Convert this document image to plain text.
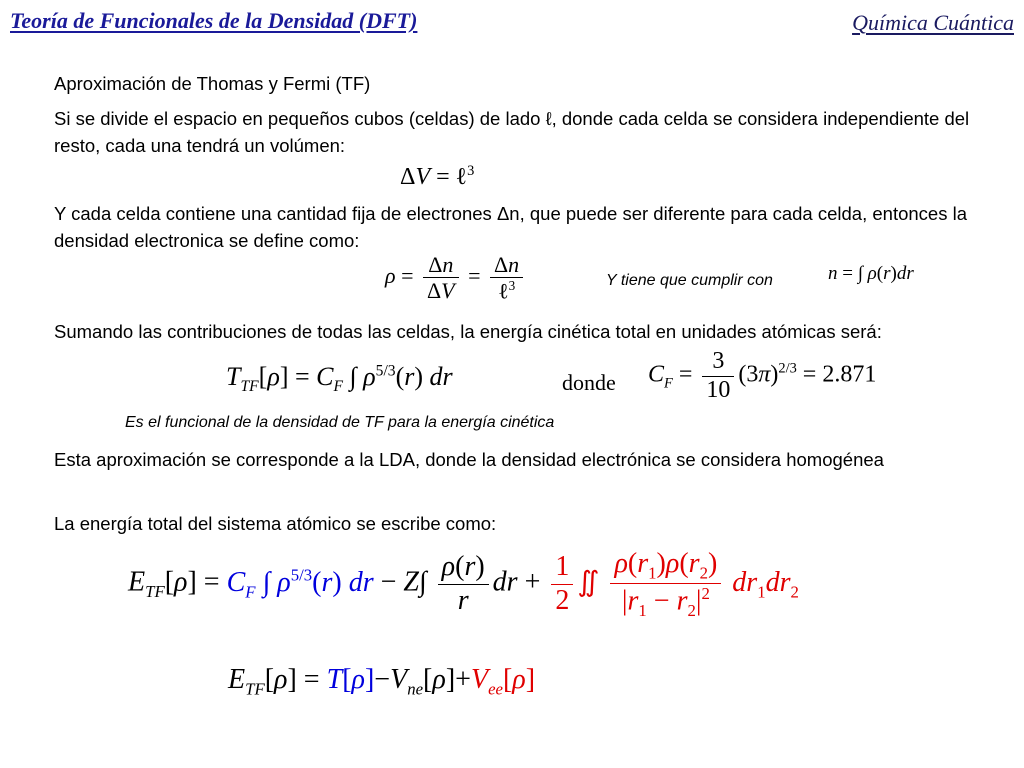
Teoría de Funcionales de la Densidad (DFT)	Química Cuántica
Aproximación de Thomas y Fermi (TF)
Si se divide el espacio en pequeños cubos (celdas) de lado ℓ, donde cada celda se considera independiente del resto, cada una tendrá un volúmen:
ΔV = ℓ$^3$
Y cada celda contiene una cantidad fija de electrones Δn, que puede ser diferente para cada celda, entonces la densidad electronica se define como:
$\rho = \frac{\Delta n}{\Delta V} = \frac{\Delta n}{\ell^3}$	Y tiene que cumplir con	n = ∫ ρ(r)dr
Sumando las contribuciones de todas las celdas, la energía cinética total en unidades atómicas será:
$T_{TF}[\rho] = C_F$ ∫ $\rho^{5/3}(r)$ dr	donde $C_F = \frac{3}{10} (3\pi)^{2/3} = 2.871$
Es el funcional de la densidad de TF para la energía cinética
Esta aproximación se corresponde a la LDA, donde la densidad electrónica se considera homogénea
La energía total del sistema atómico se escribe como:
$E_{TF}[\rho] = C_F$ ∫ $\rho^{5/3}(r)$ dr − $Z\int \frac{\rho(r)}{r}$ dr + $\frac{1}{2}$ ∬ $\frac{\rho(r_1)\rho(r_2)}{|r_1 - r_2|^2} dr_1dr_2$
$E_{TF}[\rho] = T[\rho]-V_{ne}[\rho]+V_{ee}[\rho]$
